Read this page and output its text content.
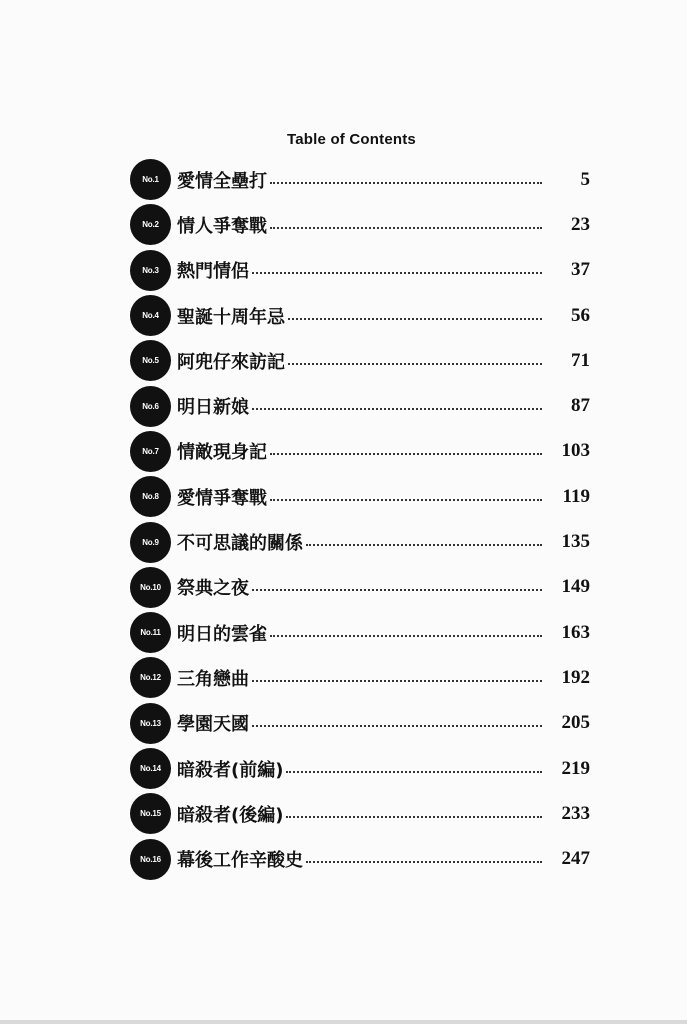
Table of Contents
No.1	愛情全壘打	5
No.2	情人爭奪戰	23
No.3	熱門情侶	37
No.4	聖誕十周年忌	56
No.5	阿兜仔來訪記	71
No.6	明日新娘	87
No.7	情敵現身記	103
No.8	愛情爭奪戰	119
No.9	不可思議的關係	135
No.10 祭典之夜	149
No.11 明日的雲雀	163
No.12 三角戀曲	192
No.13 學園天國	205
No.14 暗殺者(前編)	219
No.15 暗殺者(後編)	233
No.16 幕後工作辛酸史	247
